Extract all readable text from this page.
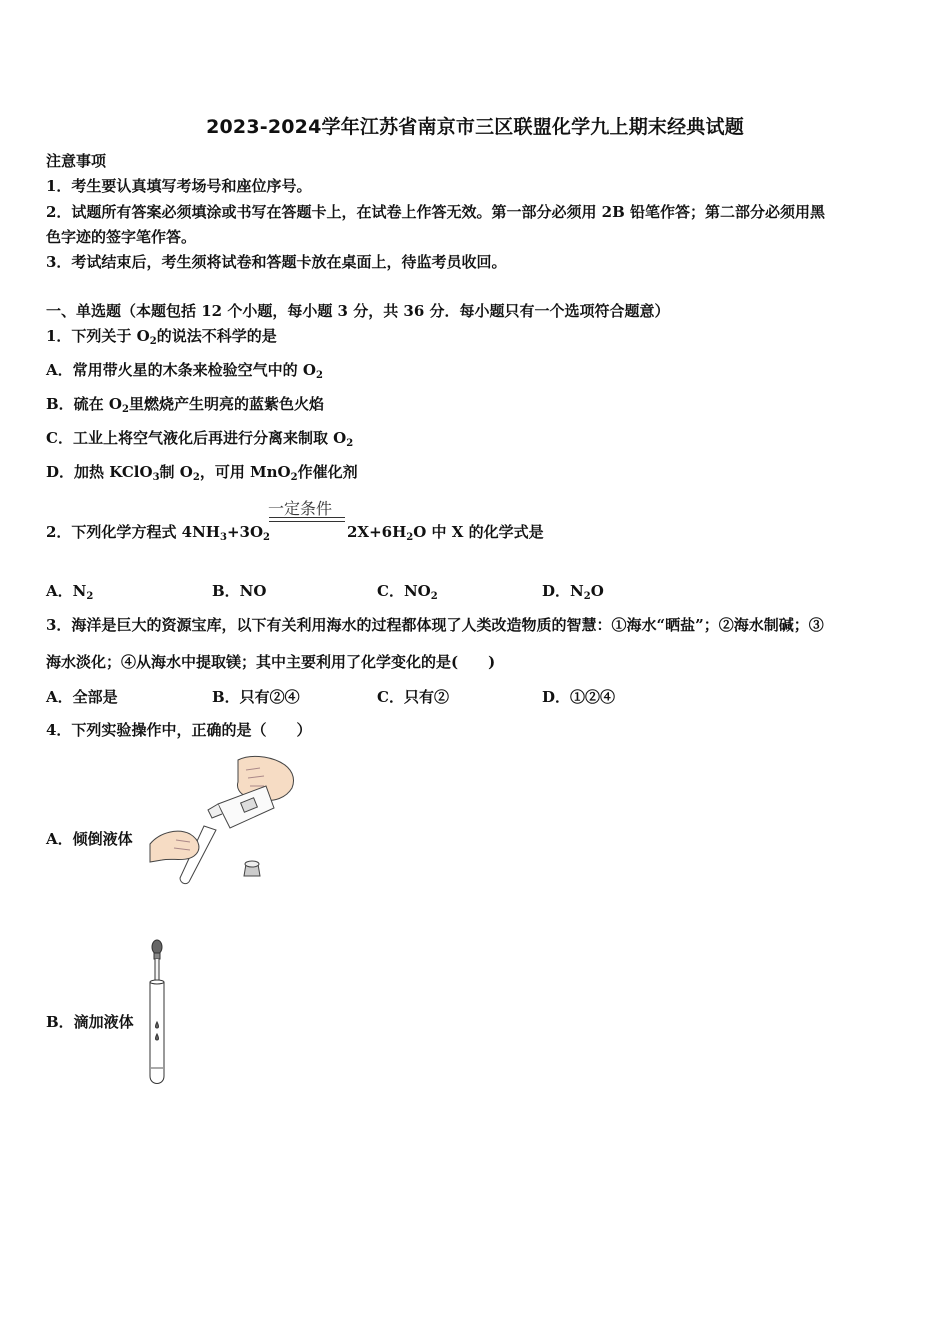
2023-2024学年江苏省南京市三区联盟化学九上期末经典试题
注意事项
1．考生要认真填写考场号和座位序号。
2．试题所有答案必须填涂或书写在答题卡上，在试卷上作答无效。第一部分必须用 2B 铅笔作答；第二部分必须用黑
色字迹的签字笔作答。
3．考试结束后，考生须将试卷和答题卡放在桌面上，待监考员收回。
一、单选题（本题包括 12 个小题，每小题 3 分，共 36 分．每小题只有一个选项符合题意）
1．下列关于 $O_2$的说法不科学的是
A．常用带火星的木条来检验空气中的 $O_2$
B．硫在 $O_2$里燃烧产生明亮的蓝紫色火焰
C．工业上将空气液化后再进行分离来制取 $O_2$
D．加热 KClO$_3$制 $O_2$，可用 MnO$_2$作催化剂
2．下列化学方程式 $4NH_3+3O_2$
一定条件
$2X+6H_2O$ 中 X 的化学式是
A．$N_2$	B．NO	C．$NO_2$	D．$N_2O$
3．海洋是巨大的资源宝库，以下有关利用海水的过程都体现了人类改造物质的智慧：①海水“晒盐”；②海水制碱；③
海水淡化；④从海水中提取镁；其中主要利用了化学变化的是(　　)
A．全部是	B．只有②④	C．只有②	D．①②④
4．下列实验操作中，正确的是（　　）
A．倾倒液体
B．滴加液体
